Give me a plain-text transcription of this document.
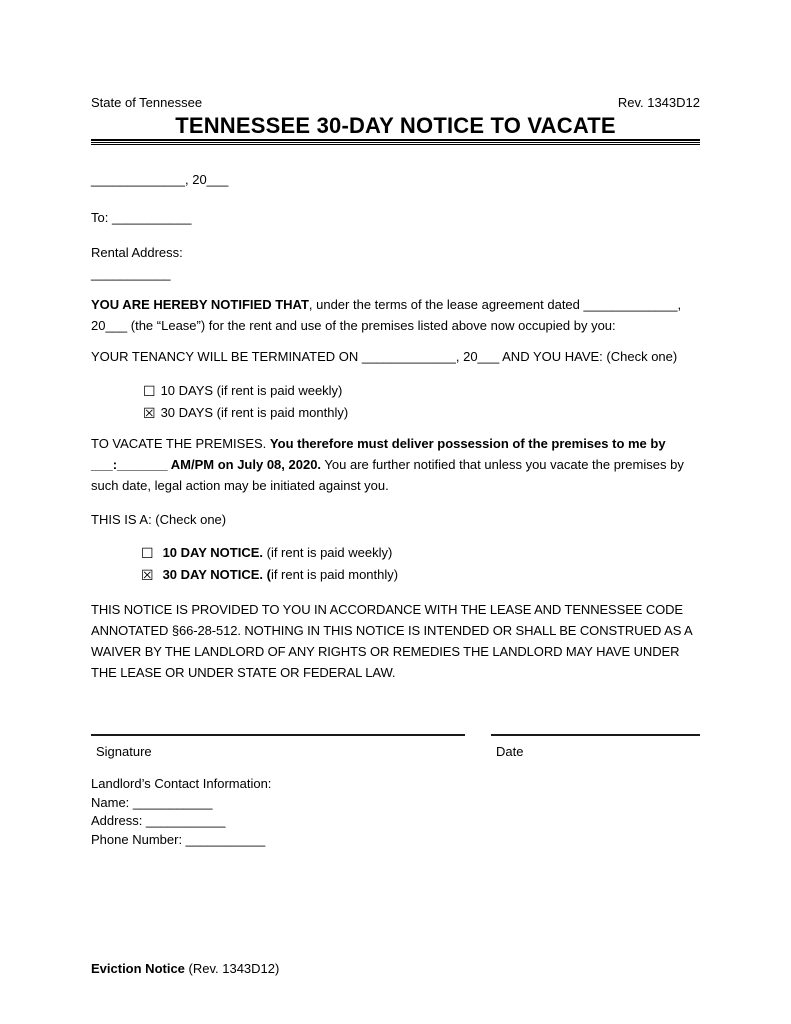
State of Tennessee	Rev. 1343D12
TENNESSEE 30-DAY NOTICE TO VACATE
_____________, 20___
To: ___________
Rental Address:
___________
YOU ARE HEREBY NOTIFIED THAT, under the terms of the lease agreement dated _____________, 20___ (the “Lease”) for the rent and use of the premises listed above now occupied by you:
YOUR TENANCY WILL BE TERMINATED ON _____________, 20___ AND YOU HAVE: (Check one)
☐ 10 DAYS (if rent is paid weekly)
☒ 30 DAYS (if rent is paid monthly)
TO VACATE THE PREMISES. You therefore must deliver possession of the premises to me by ___:_______ AM/PM on July 08, 2020. You are further notified that unless you vacate the premises by such date, legal action may be initiated against you.
THIS IS A: (Check one)
☐ 10 DAY NOTICE. (if rent is paid weekly)
☒ 30 DAY NOTICE. (if rent is paid monthly)
THIS NOTICE IS PROVIDED TO YOU IN ACCORDANCE WITH THE LEASE AND TENNESSEE CODE ANNOTATED §66-28-512. NOTHING IN THIS NOTICE IS INTENDED OR SHALL BE CONSTRUED AS A WAIVER BY THE LANDLORD OF ANY RIGHTS OR REMEDIES THE LANDLORD MAY HAVE UNDER THE LEASE OR UNDER STATE OR FEDERAL LAW.
Signature	Date
Landlord’s Contact Information:
Name: ___________
Address: ___________
Phone Number: ___________
Eviction Notice (Rev. 1343D12)
